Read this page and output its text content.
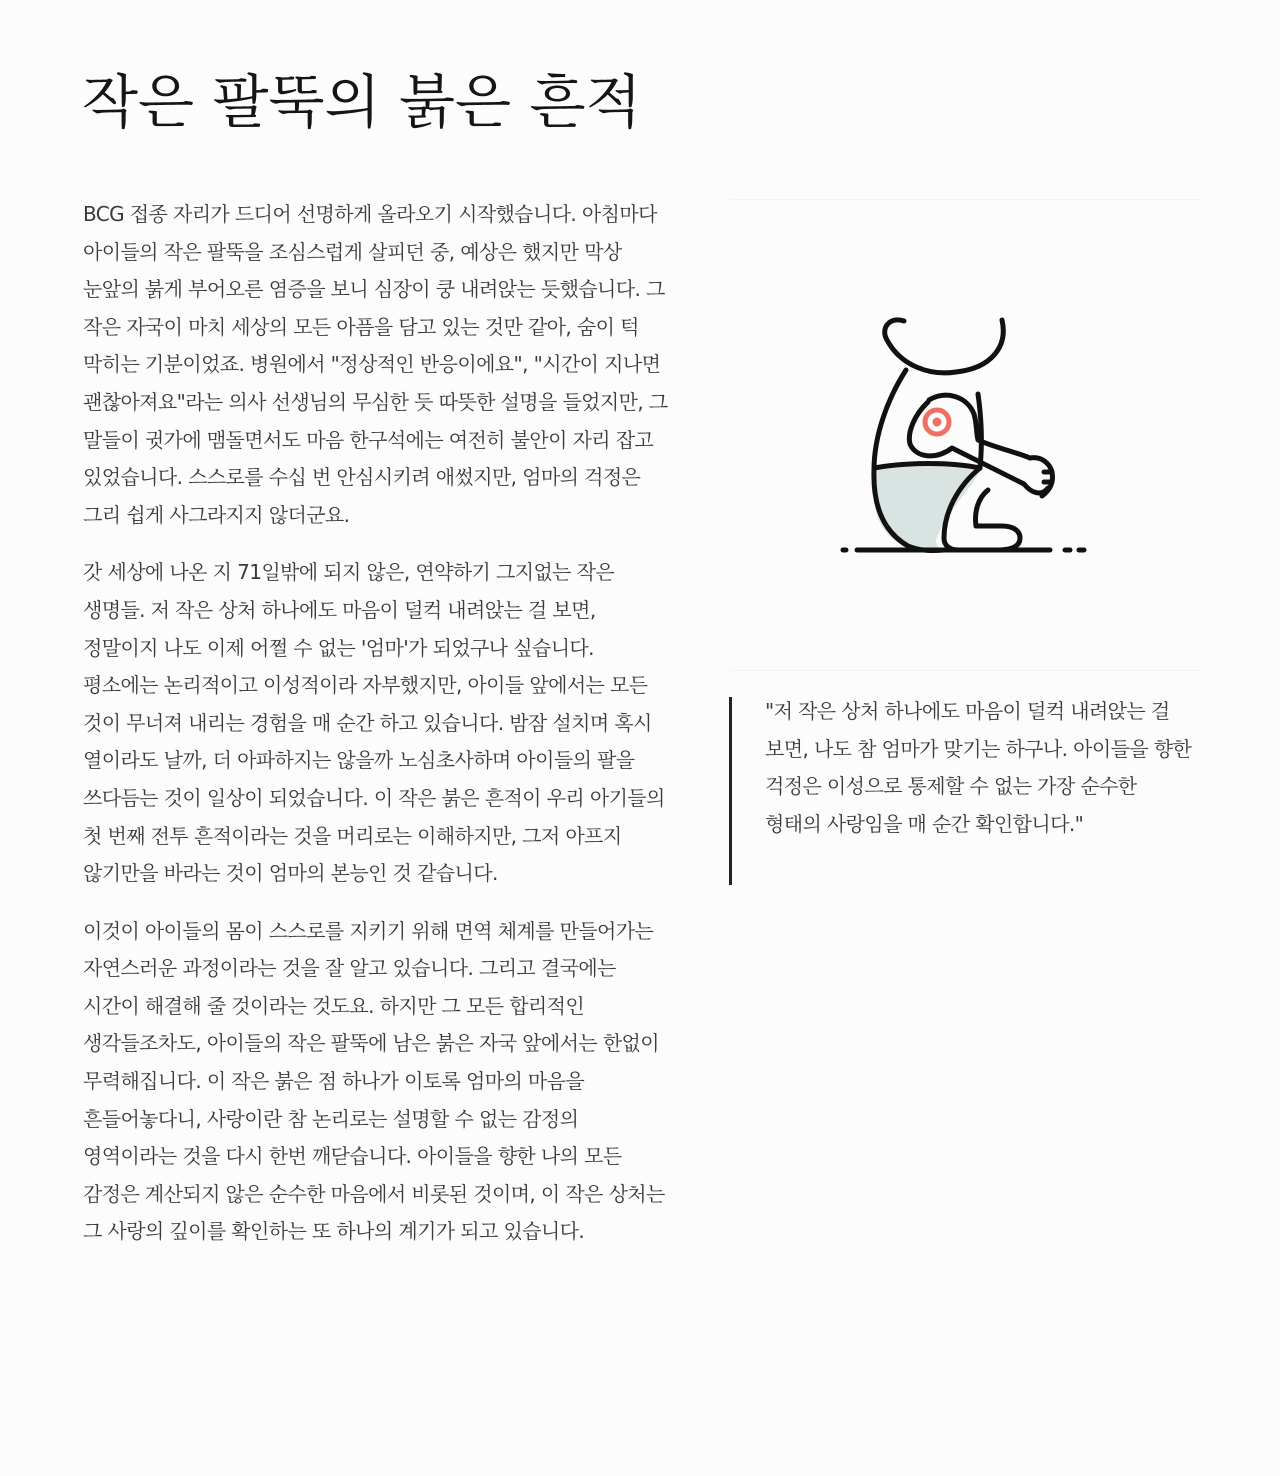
작은 팔뚝의 붉은 흔적

BCG 접종 자리가 드디어 선명하게 올라오기 시작했습니다. 아침마다 아이들의 작은 팔뚝을 조심스럽게 살피던 중, 예상은 했지만 막상 눈앞의 붉게 부어오른 염증을 보니 심장이 쿵 내려앉는 듯했습니다. 그 작은 자국이 마치 세상의 모든 아픔을 담고 있는 것만 같아, 숨이 턱 막히는 기분이었죠. 병원에서 "정상적인 반응이에요", "시간이 지나면 괜찮아져요"라는 의사 선생님의 무심한 듯 따뜻한 설명을 들었지만, 그 말들이 귓가에 맴돌면서도 마음 한구석에는 여전히 불안이 자리 잡고 있었습니다. 스스로를 수십 번 안심시키려 애썼지만, 엄마의 걱정은 그리 쉽게 사그라지지 않더군요.

갓 세상에 나온 지 71일밖에 되지 않은, 연약하기 그지없는 작은 생명들. 저 작은 상처 하나에도 마음이 덜컥 내려앉는 걸 보면, 정말이지 나도 이제 어쩔 수 없는 '엄마'가 되었구나 싶습니다. 평소에는 논리적이고 이성적이라 자부했지만, 아이들 앞에서는 모든 것이 무너져 내리는 경험을 매 순간 하고 있습니다. 밤잠 설치며 혹시 열이라도 날까, 더 아파하지는 않을까 노심초사하며 아이들의 팔을 쓰다듬는 것이 일상이 되었습니다. 이 작은 붉은 흔적이 우리 아기들의 첫 번째 전투 흔적이라는 것을 머리로는 이해하지만, 그저 아프지 않기만을 바라는 것이 엄마의 본능인 것 같습니다.

이것이 아이들의 몸이 스스로를 지키기 위해 면역 체계를 만들어가는 자연스러운 과정이라는 것을 잘 알고 있습니다. 그리고 결국에는 시간이 해결해 줄 것이라는 것도요. 하지만 그 모든 합리적인 생각들조차도, 아이들의 작은 팔뚝에 남은 붉은 자국 앞에서는 한없이 무력해집니다. 이 작은 붉은 점 하나가 이토록 엄마의 마음을 흔들어놓다니, 사랑이란 참 논리로는 설명할 수 없는 감정의 영역이라는 것을 다시 한번 깨닫습니다. 아이들을 향한 나의 모든 감정은 계산되지 않은 순수한 마음에서 비롯된 것이며, 이 작은 상처는 그 사랑의 깊이를 확인하는 또 하나의 계기가 되고 있습니다.

"저 작은 상처 하나에도 마음이 덜컥 내려앉는 걸 보면, 나도 참 엄마가 맞기는 하구나. 아이들을 향한 걱정은 이성으로 통제할 수 없는 가장 순수한 형태의 사랑임을 매 순간 확인합니다."
